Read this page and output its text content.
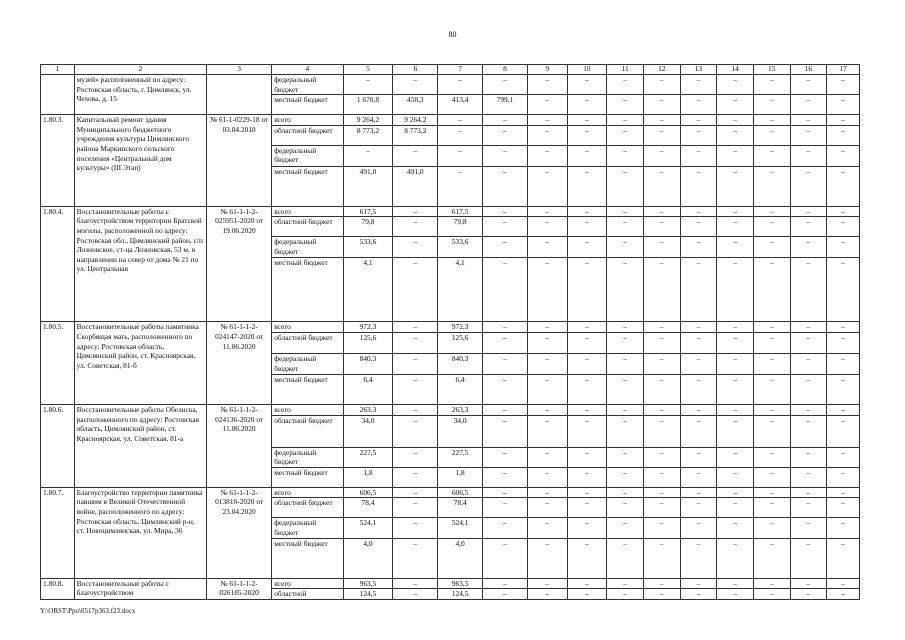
80
1	2	3	4	5	6	7	8	9	10	11	12	13	14	15	16	17
	музей» расположенный по адресу: Ростовская область, г. Цимлянск, ул. Чехова, д. 15		федеральный бюджет	–	–	–	–	–	–	–	–	–	–	–	–	–
			местный бюджет	1 670,8	458,3	413,4	799,1	–	–	–	–	–	–	–	–	–
1.80.3.	Капитальный ремонт здания Муниципального бюджетного учреждения культуры Цимлянского района Маркинского сельского поселения «Центральный дом культуры» (III Этап)	№ 61-1-0229-18 от 03.04.2018	всего	9 264,2	9 264,2	–	–	–	–	–	–	–	–	–	–	–
			областной бюджет	8 773,2	8 773,2	–	–	–	–	–	–	–	–	–	–	–
			федеральный бюджет	–	–	–	–	–	–	–	–	–	–	–	–	–
			местный бюджет	491,0	491,0	–	–	–	–	–	–	–	–	–	–	–
1.80.4.	Восстановительные работы с благоустройством территории Братской могилы, расположенной по адресу: Ростовская обл., Цимлянский район, с/п Лозновское, ст-ца Лозновская, 53 м. в направлении на север от дома № 21 по ул. Центральная	№ 61-1-1-2-025951-2020 от 19.06.2020	всего	617,5	–	617,5	–	–	–	–	–	–	–	–	–	–
			областной бюджет	79,8	–	79,8	–	–	–	–	–	–	–	–	–	–
			федеральный бюджет	533,6	–	533,6	–	–	–	–	–	–	–	–	–	–
			местный бюджет	4,1	–	4,1	–	–	–	–	–	–	–	–	–	–
1.80.5.	Восстановительные работы памятника Скорбящая мать, расположенного по адресу: Ростовская область, Цимлянский район, ст. Красноярская, ул. Советская, 81-б	№ 61-1-1-2-024147-2020 от 11.06.2020	всего	972,3	–	972,3	–	–	–	–	–	–	–	–	–	–
			областной бюджет	125,6	–	125,6	–	–	–	–	–	–	–	–	–	–
			федеральный бюджет	840,3	–	840,3	–	–	–	–	–	–	–	–	–	–
			местный бюджет	6,4	–	6,4	–	–	–	–	–	–	–	–	–	–
1.80.6.	Восстановительные работы Обелиска, расположенного по адресу: Ростовская область, Цимлянский район, ст. Красноярская, ул. Советская, 81-а	№ 61-1-1-2-024136-2020 от 11.06.2020	всего	263,3	–	263,3	–	–	–	–	–	–	–	–	–	–
			областной бюджет	34,0	–	34,0	–	–	–	–	–	–	–	–	–	–
			федеральный бюджет	227,5	–	227,5	–	–	–	–	–	–	–	–	–	–
			местный бюджет	1,8	–	1,8	–	–	–	–	–	–	–	–	–	–
1.80.7.	Благоустройство территории памятника павшим в Великой Отечественной войне, расположенного по адресу: Ростовская область, Цимлянский р-н, ст. Новоцимлянская, ул. Мира, 36	№ 61-1-1-2-013810-2020 от 23.04.2020	всего	606,5	–	606,5	–	–	–	–	–	–	–	–	–	–
			областной бюджет	78,4	–	78,4	–	–	–	–	–	–	–	–	–	–
			федеральный бюджет	524,1	–	524,1	–	–	–	–	–	–	–	–	–	–
			местный бюджет	4,0	–	4,0	–	–	–	–	–	–	–	–	–	–
1.80.8.	Восстановительные работы с благоустройством	№ 61-1-1-2-026185-2020	всего	963,5	–	963,5	–	–	–	–	–	–	–	–	–	–
			областной	124,5	–	124,5	–	–	–	–	–	–	–	–	–	–
Y:\ORST\Ppo\0517p363.f23.docx
